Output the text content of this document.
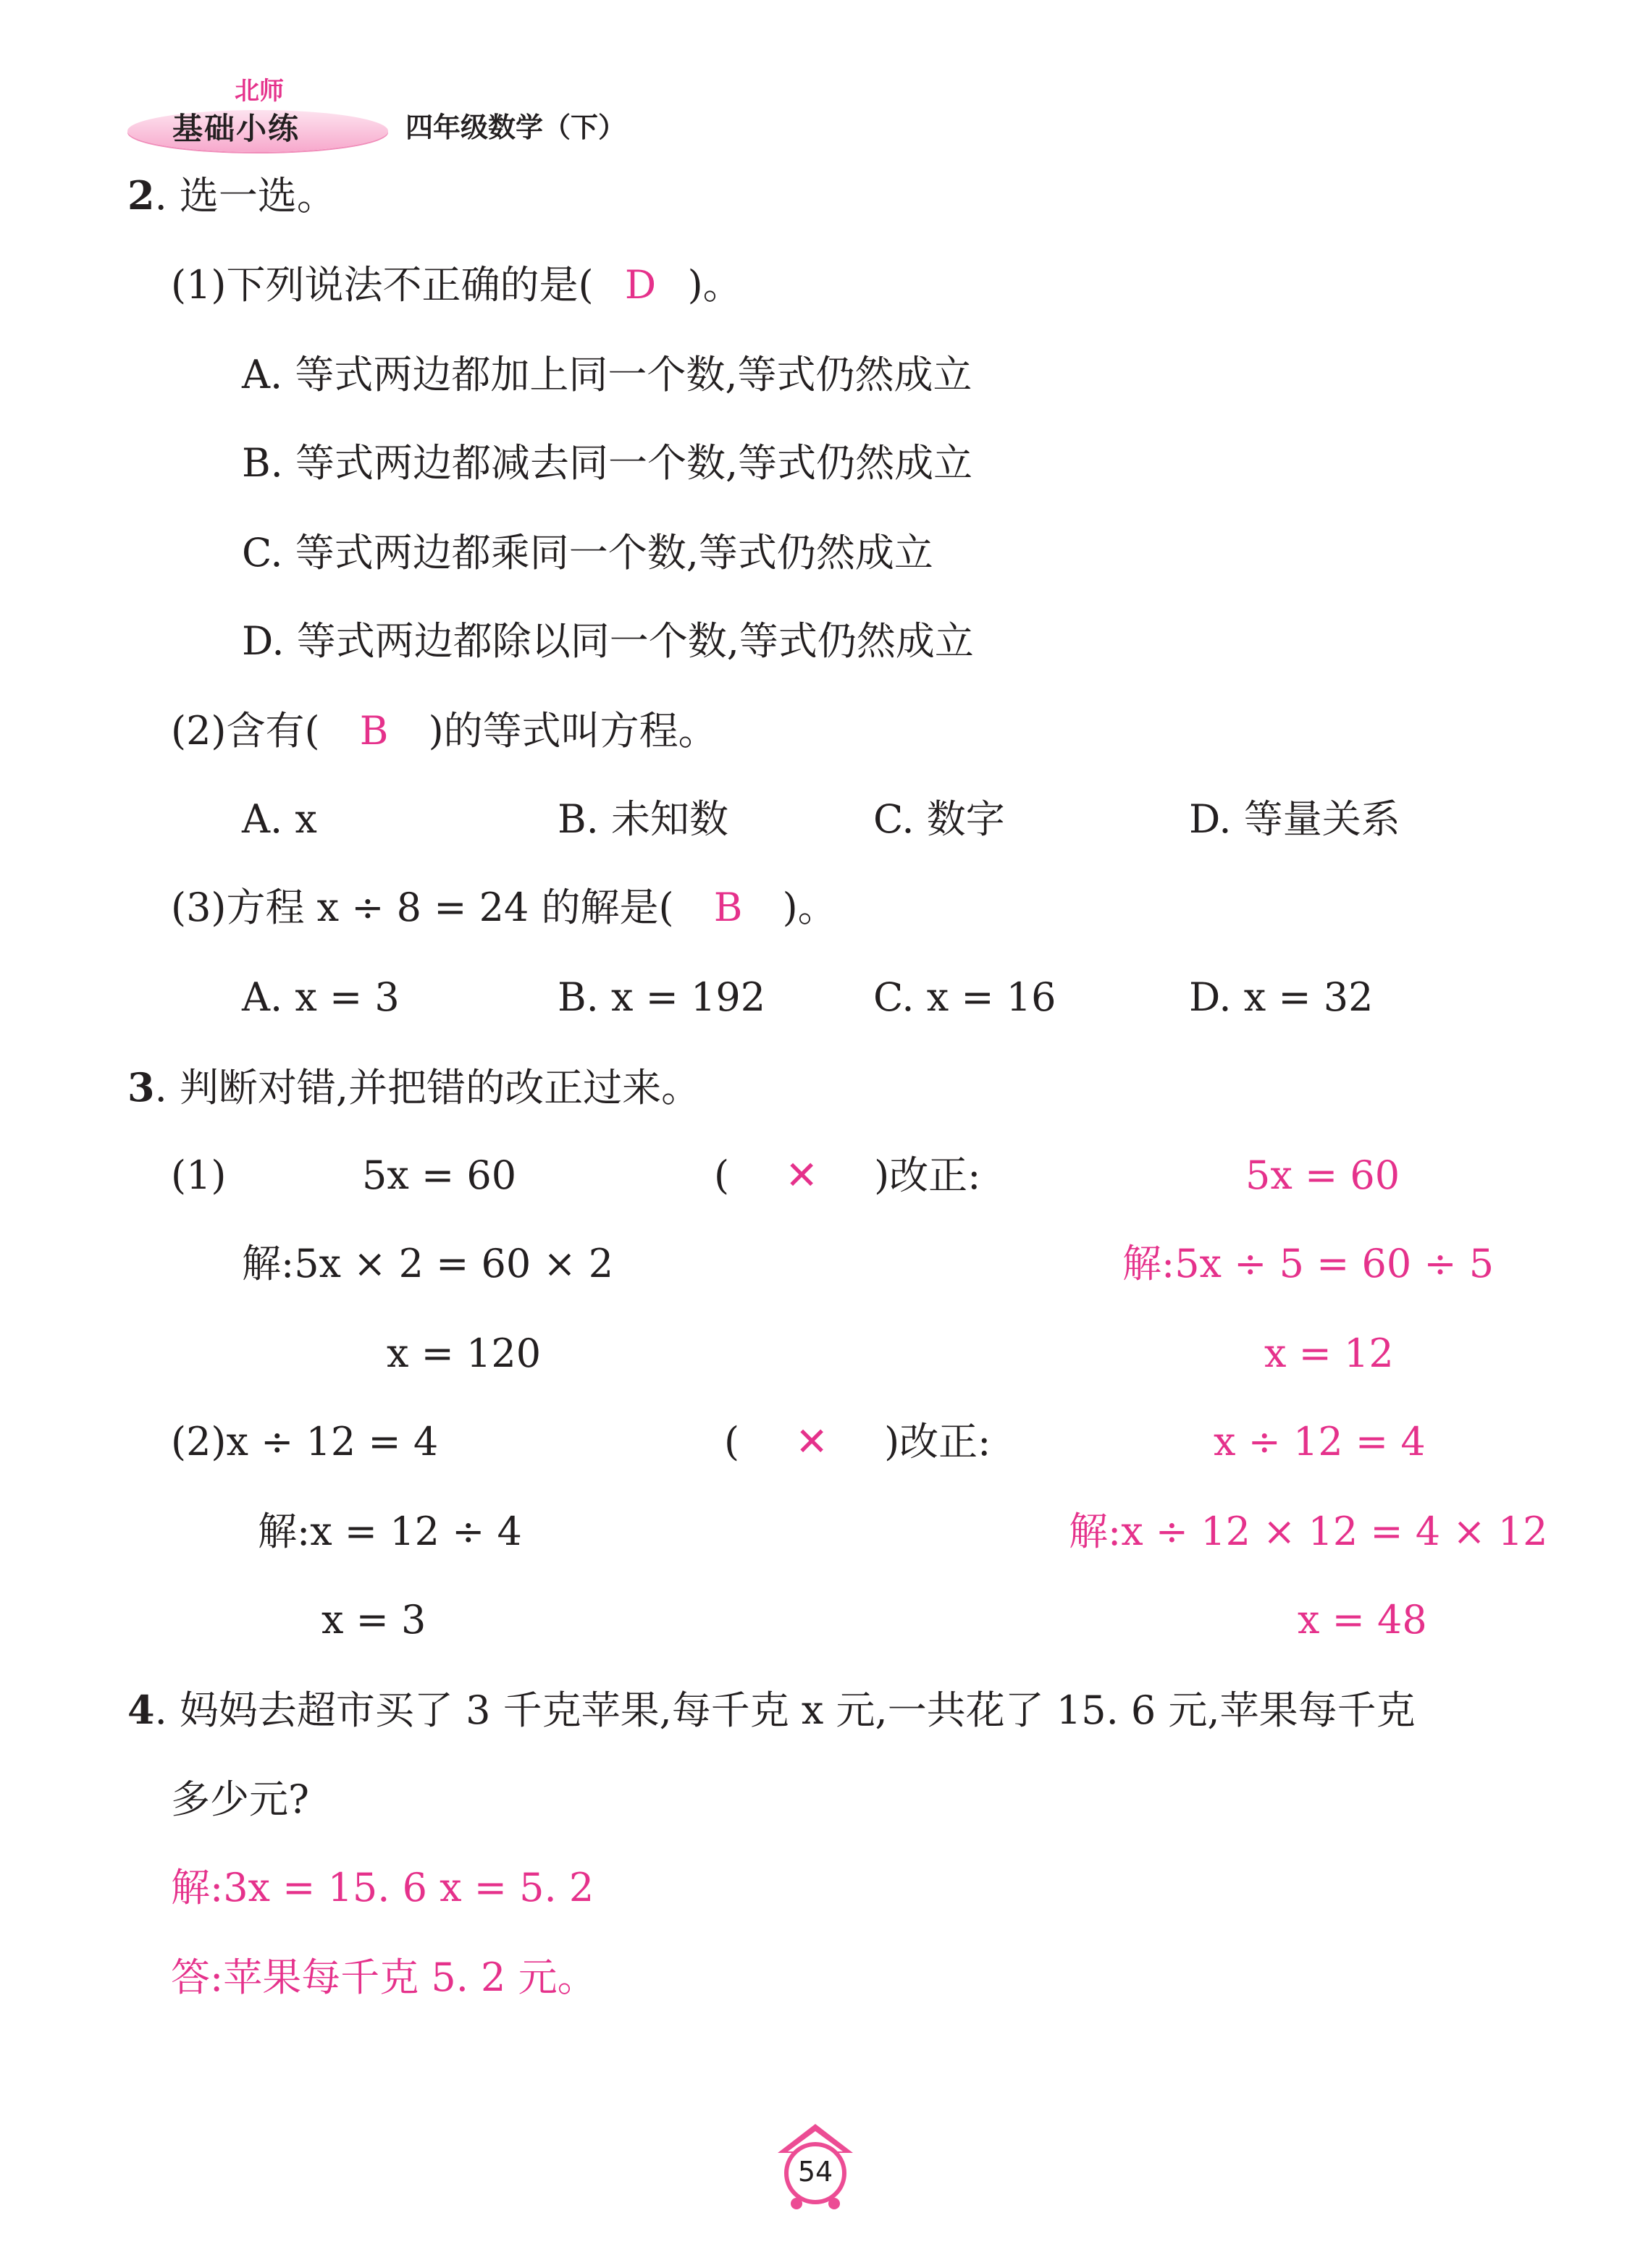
北师
基础小练	四年级数学（下）
2. 选一选。
(1)下列说法不正确的是( D )。
A. 等式两边都加上同一个数,等式仍然成立
B. 等式两边都减去同一个数,等式仍然成立
C. 等式两边都乘同一个数,等式仍然成立
D. 等式两边都除以同一个数,等式仍然成立
(2)含有( B )的等式叫方程。
A. x	B. 未知数	C. 数字	D. 等量关系
(3)方程 x ÷ 8 = 24 的解是( B )。
A. x = 3	B. x = 192	C. x = 16	D. x = 32
3. 判断对错,并把错的改正过来。
(1)	5x = 60	( ✕ )改正:	5x = 60
解:5x × 2 = 60 × 2	解:5x ÷ 5 = 60 ÷ 5
x = 120	x = 12
(2)x ÷ 12 = 4	( ✕ )改正:	x ÷ 12 = 4
解:x = 12 ÷ 4	解:x ÷ 12 × 12 = 4 × 12
x = 3	x = 48
4. 妈妈去超市买了 3 千克苹果,每千克 x 元,一共花了 15. 6 元,苹果每千克
多少元?
解:3x = 15. 6 x = 5. 2
答:苹果每千克 5. 2 元。
54
